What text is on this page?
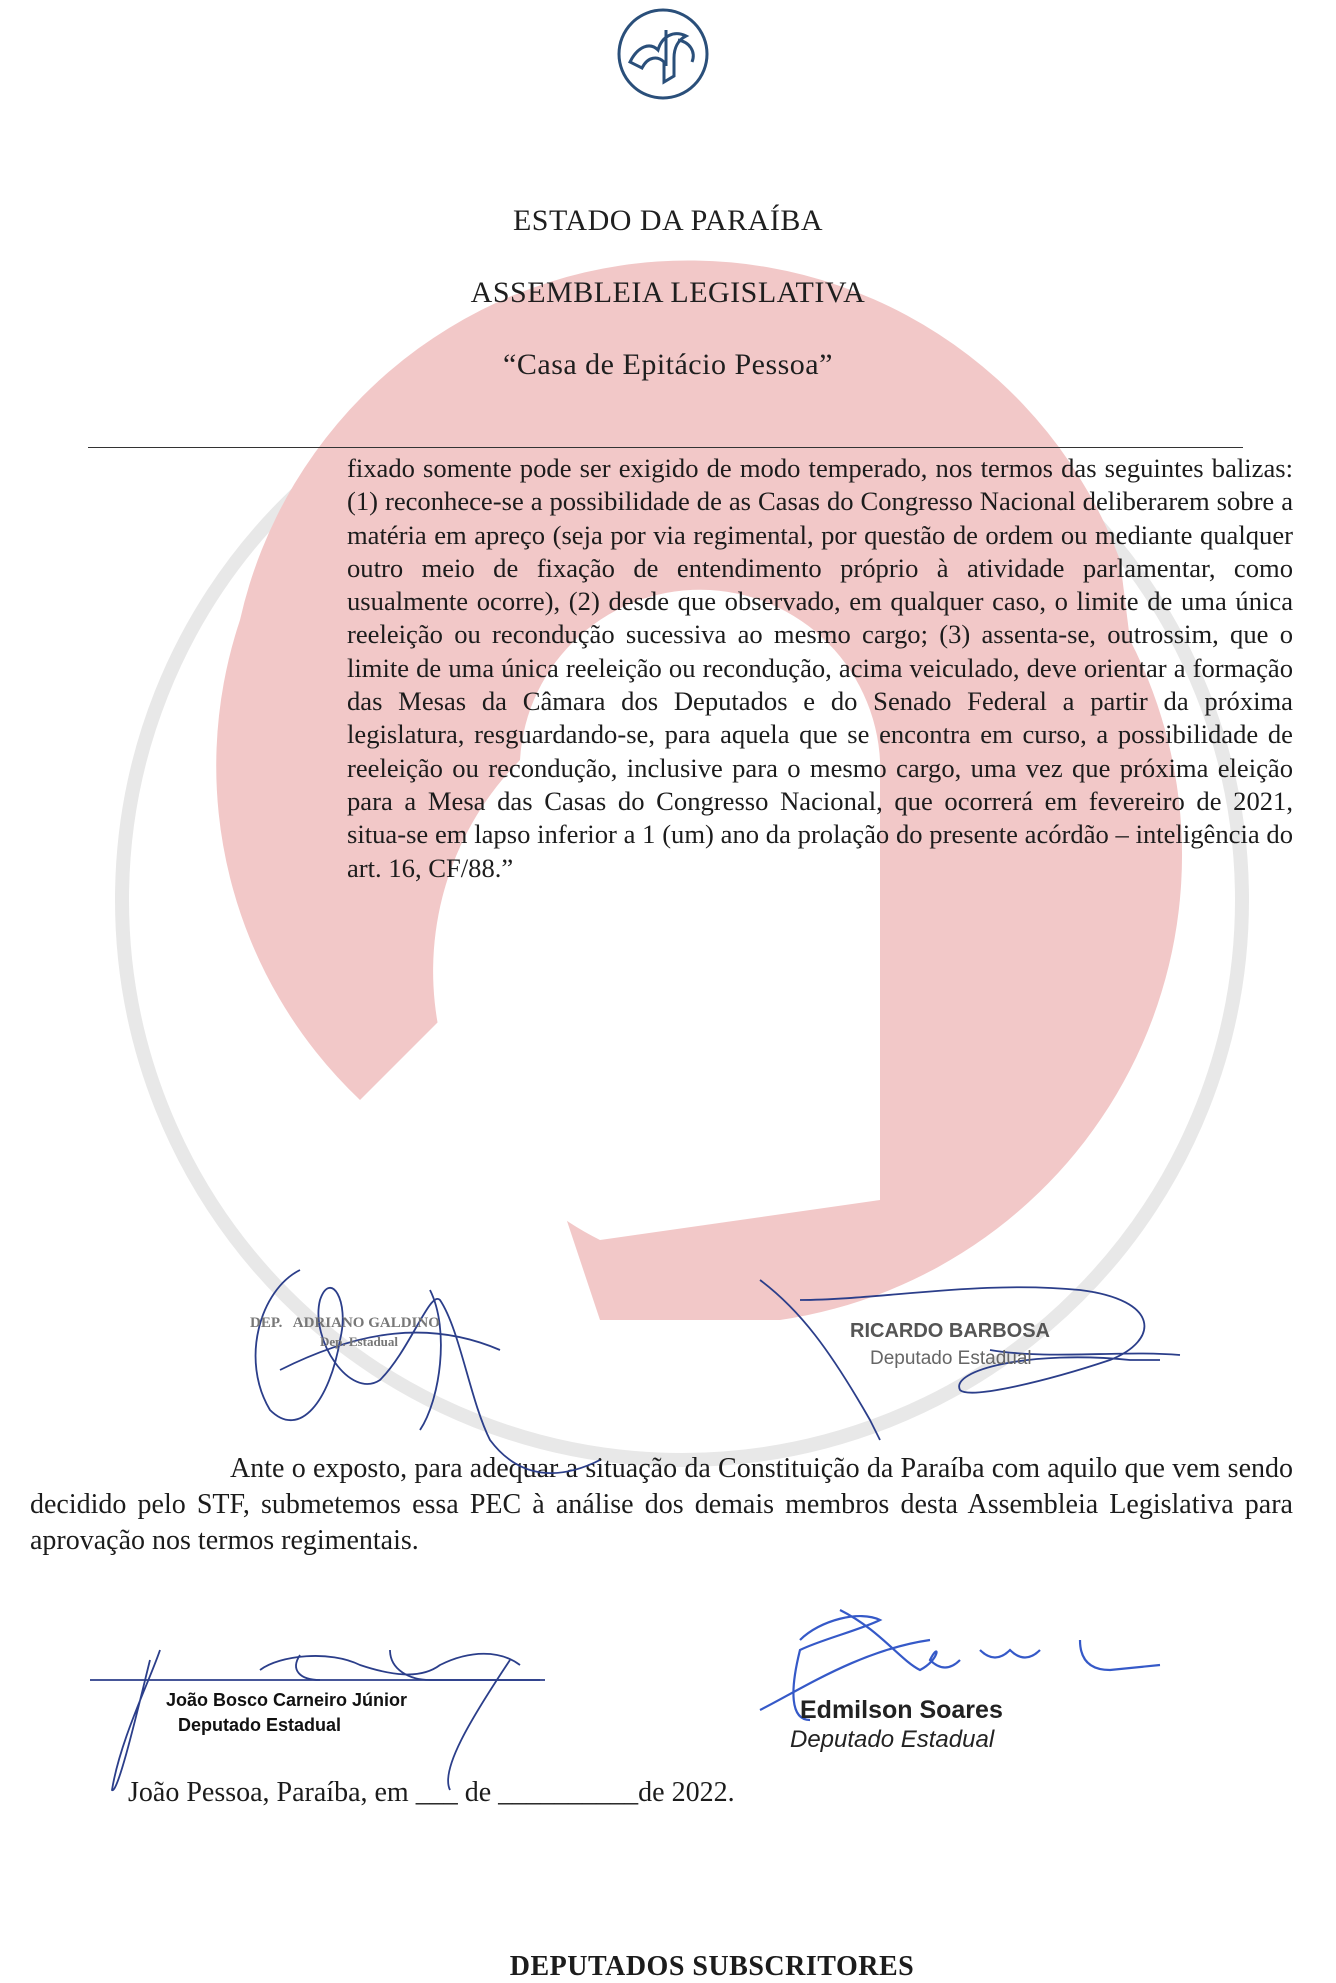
ESTADO DA PARAÍBA
ASSEMBLEIA LEGISLATIVA
“Casa de Epitácio Pessoa”
fixado somente pode ser exigido de modo temperado, nos termos das seguintes balizas: (1) reconhece-se a possibilidade de as Casas do Congresso Nacional deliberarem sobre a matéria em apreço (seja por via regimental, por questão de ordem ou mediante qualquer outro meio de fixação de entendimento próprio à atividade parlamentar, como usualmente ocorre), (2) desde que observado, em qualquer caso, o limite de uma única reeleição ou recondução sucessiva ao mesmo cargo; (3) assenta-se, outrossim, que o limite de uma única reeleição ou recondução, acima veiculado, deve orientar a formação das Mesas da Câmara dos Deputados e do Senado Federal a partir da próxima legislatura, resguardando-se, para aquela que se encontra em curso, a possibilidade de reeleição ou recondução, inclusive para o mesmo cargo, uma vez que próxima eleição para a Mesa das Casas do Congresso Nacional, que ocorrerá em fevereiro de 2021, situa-se em lapso inferior a 1 (um) ano da prolação do presente acórdão – inteligência do art. 16, CF/88.”
Ante o exposto, para adequar a situação da Constituição da Paraíba com aquilo que vem sendo decidido pelo STF, submetemos essa PEC à análise dos demais membros desta Assembleia Legislativa para aprovação nos termos regimentais.
João Pessoa, Paraíba, em ___ de __________de 2022.
DEPUTADOS SUBSCRITORES
DEP.   ADRIANO GALDINO
Dep. Estadual	RICARDO BARBOSA
Deputado Estadual
João Bosco Carneiro Júnior
Deputado Estadual
Edmilson Soares
Deputado Estadual
